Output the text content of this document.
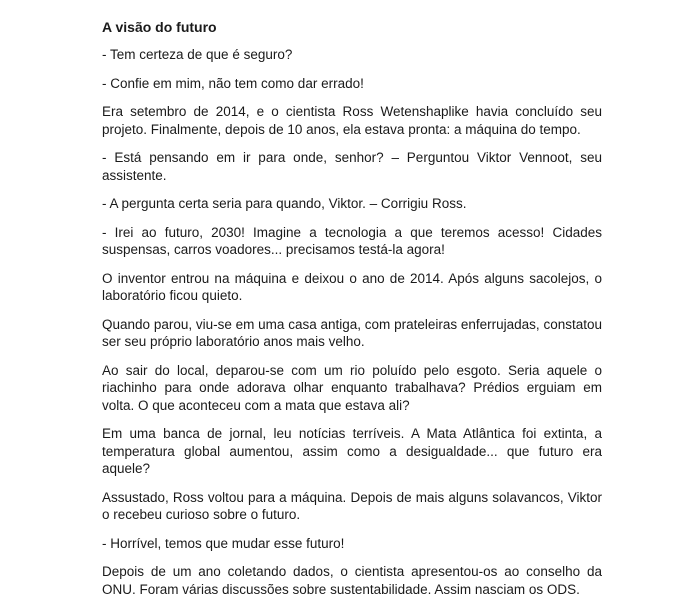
A visão do futuro

- Tem certeza de que é seguro?

- Confie em mim, não tem como dar errado!

Era setembro de 2014, e o cientista Ross Wetenshaplike havia concluído seu projeto. Finalmente, depois de 10 anos, ela estava pronta: a máquina do tempo.

- Está pensando em ir para onde, senhor? – Perguntou Viktor Vennoot, seu assistente.

- A pergunta certa seria para quando, Viktor. – Corrigiu Ross.

- Irei ao futuro, 2030! Imagine a tecnologia a que teremos acesso! Cidades suspensas, carros voadores... precisamos testá-la agora!

O inventor entrou na máquina e deixou o ano de 2014. Após alguns sacolejos, o laboratório ficou quieto.

Quando parou, viu-se em uma casa antiga, com prateleiras enferrujadas, constatou ser seu próprio laboratório anos mais velho.

Ao sair do local, deparou-se com um rio poluído pelo esgoto. Seria aquele o riachinho para onde adorava olhar enquanto trabalhava? Prédios erguiam em volta. O que aconteceu com a mata que estava ali?

Em uma banca de jornal, leu notícias terríveis. A Mata Atlântica foi extinta, a temperatura global aumentou, assim como a desigualdade... que futuro era aquele?

Assustado, Ross voltou para a máquina. Depois de mais alguns solavancos, Viktor o recebeu curioso sobre o futuro.

- Horrível, temos que mudar esse futuro!

Depois de um ano coletando dados, o cientista apresentou-os ao conselho da ONU. Foram várias discussões sobre sustentabilidade. Assim nasciam os ODS.
